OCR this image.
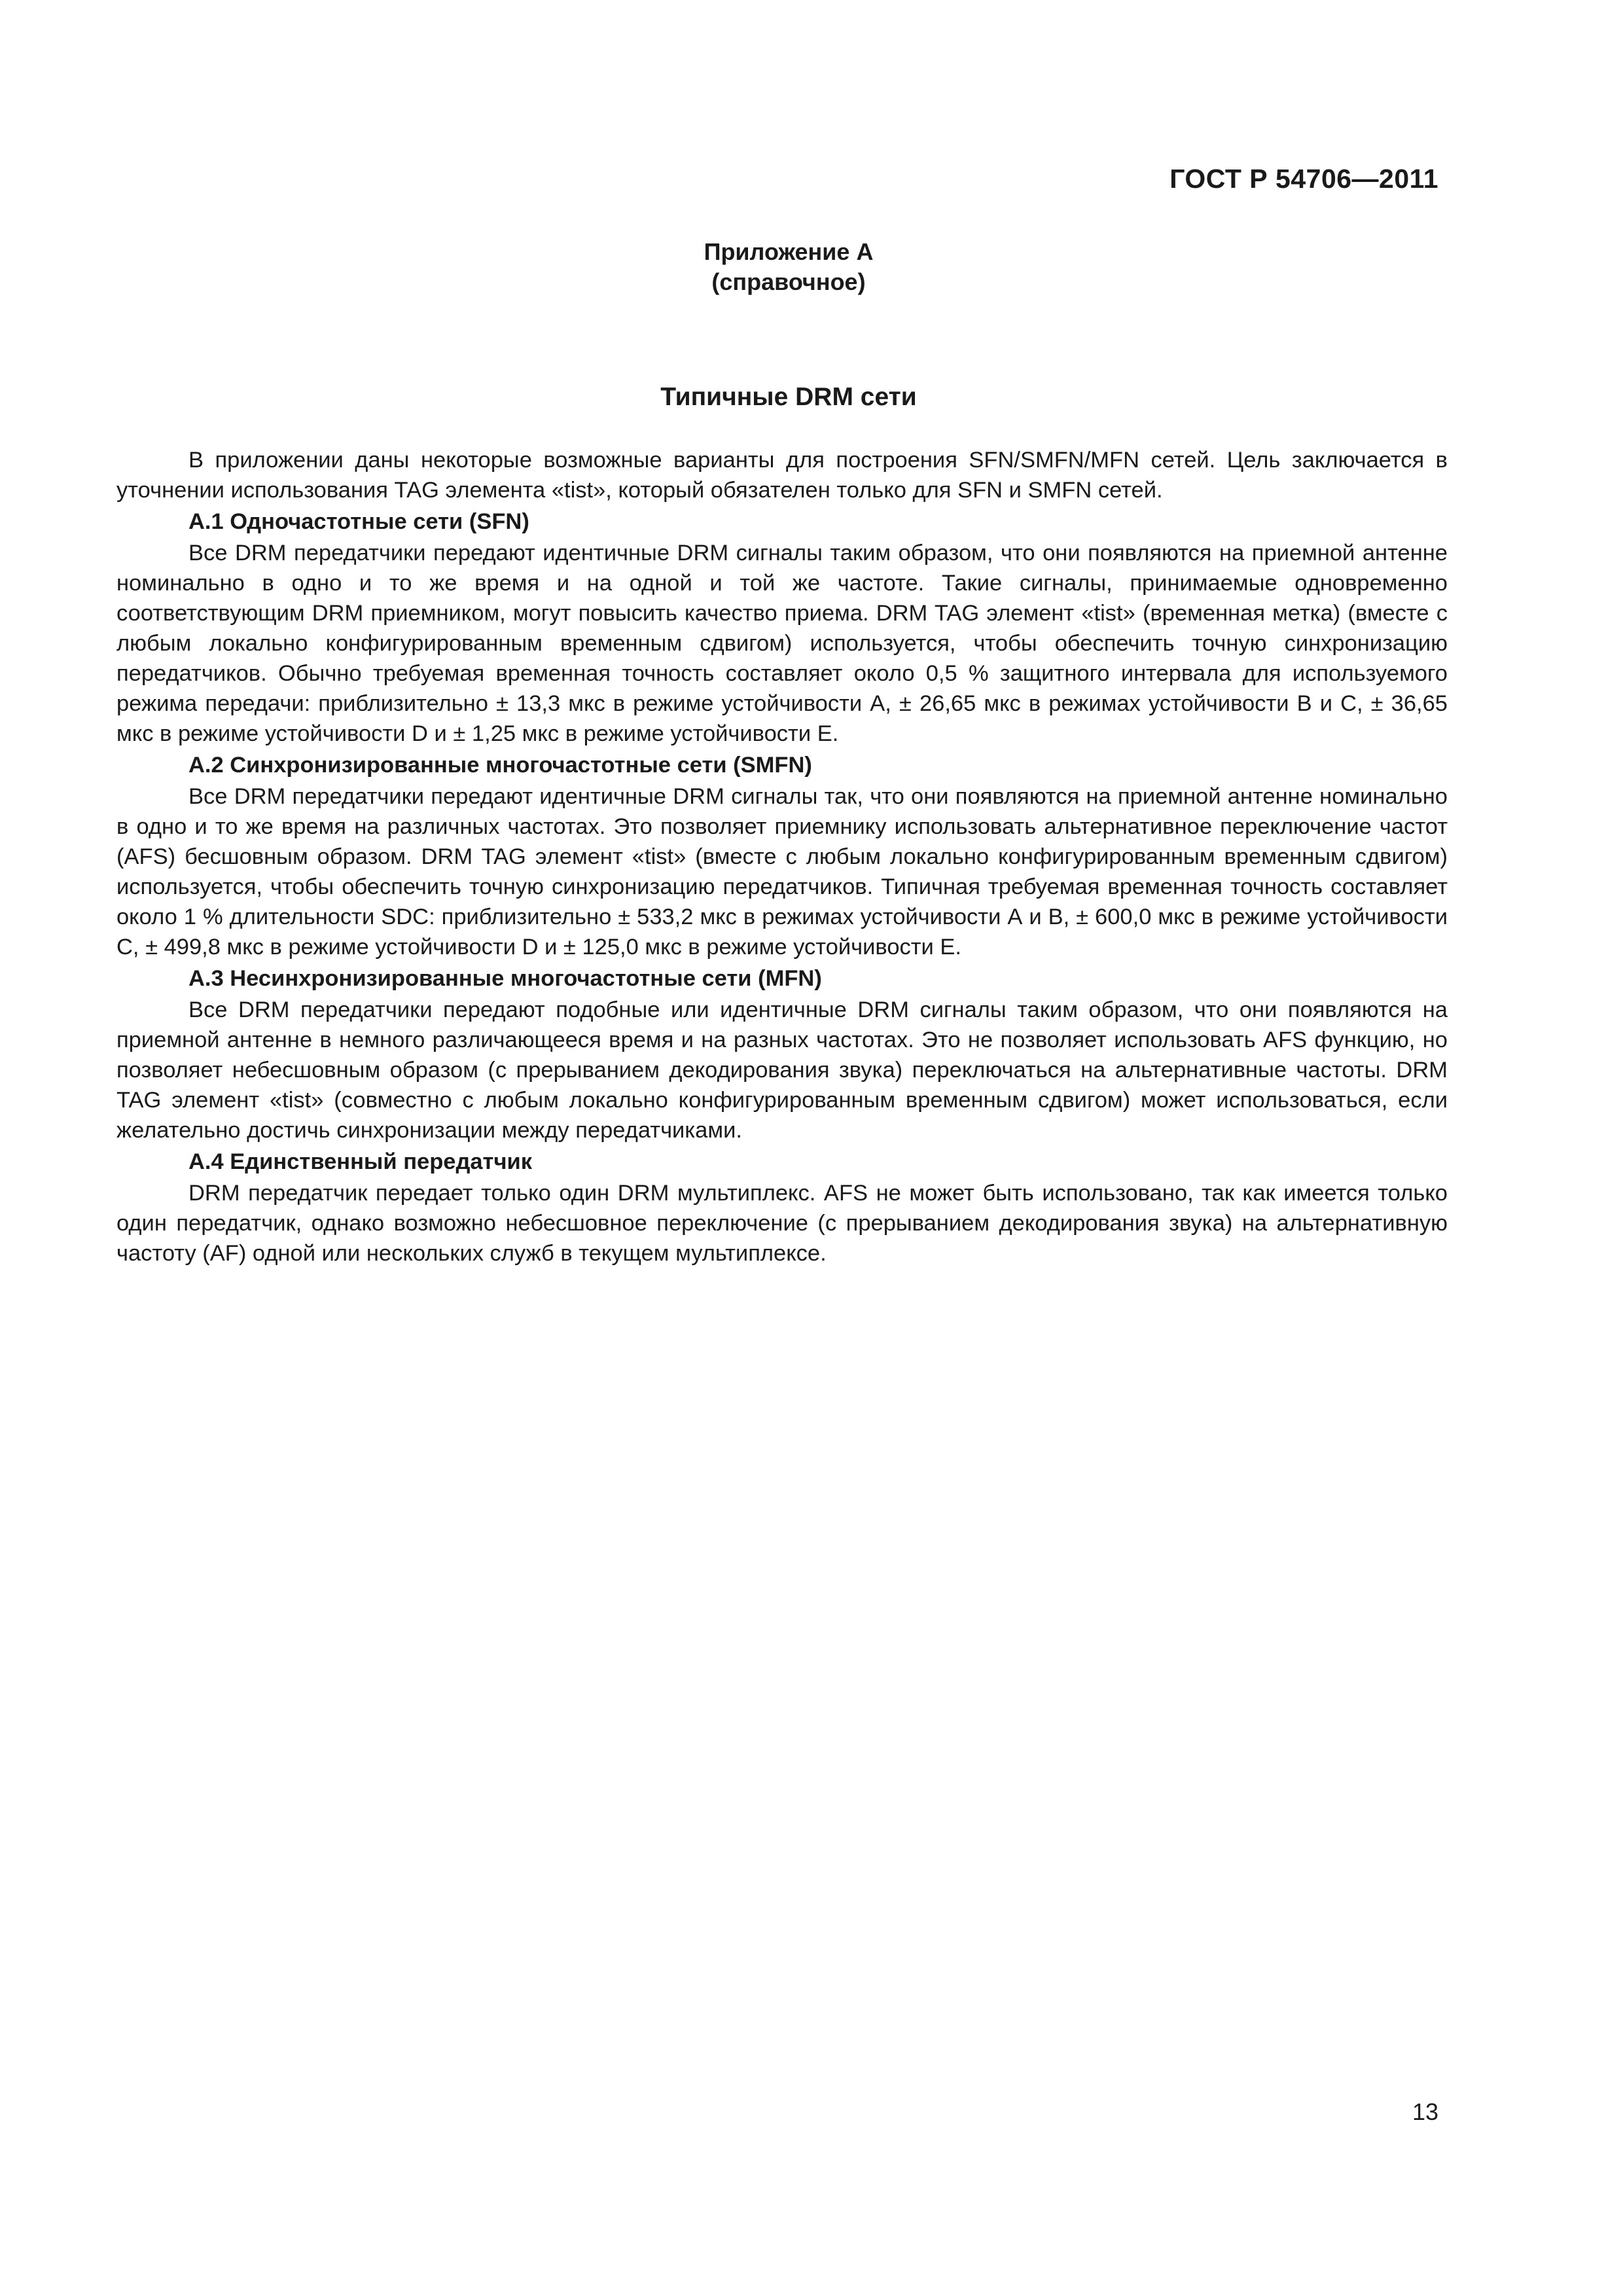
ГОСТ Р 54706—2011
Приложение А
(справочное)
Типичные DRM сети

В приложении даны некоторые возможные варианты для построения SFN/SMFN/MFN сетей. Цель заключается в уточнении использования TAG элемента «tist», который обязателен только для SFN и SMFN сетей.

А.1 Одночастотные сети (SFN)

Все DRM передатчики передают идентичные DRM сигналы таким образом, что они появляются на приемной антенне номинально в одно и то же время и на одной и той же частоте. Такие сигналы, принимаемые одновременно соответствующим DRM приемником, могут повысить качество приема. DRM TAG элемент «tist» (временная метка) (вместе с любым локально конфигурированным временным сдвигом) используется, чтобы обеспечить точную синхронизацию передатчиков. Обычно требуемая временная точность составляет около 0,5 % защитного интервала для используемого режима передачи: приблизительно ± 13,3 мкс в режиме устойчивости А, ± 26,65 мкс в режимах устойчивости В и С, ± 36,65 мкс в режиме устойчивости D и ± 1,25 мкс в режиме устойчивости Е.

А.2 Синхронизированные многочастотные сети (SMFN)

Все DRM передатчики передают идентичные DRM сигналы так, что они появляются на приемной антенне номинально в одно и то же время на различных частотах. Это позволяет приемнику использовать альтернативное переключение частот (AFS) бесшовным образом. DRM TAG элемент «tist» (вместе с любым локально конфигурированным временным сдвигом) используется, чтобы обеспечить точную синхронизацию передатчиков. Типичная требуемая временная точность составляет около 1 % длительности SDC: приблизительно ± 533,2 мкс в режимах устойчивости А и В, ± 600,0 мкс в режиме устойчивости С, ± 499,8 мкс в режиме устойчивости D и ± 125,0 мкс в режиме устойчивости Е.

А.3 Несинхронизированные многочастотные сети (MFN)

Все DRM передатчики передают подобные или идентичные DRM сигналы таким образом, что они появляются на приемной антенне в немного различающееся время и на разных частотах. Это не позволяет использовать AFS функцию, но позволяет небесшовным образом (с прерыванием декодирования звука) переключаться на альтернативные частоты. DRM TAG элемент «tist» (совместно с любым локально конфигурированным временным сдвигом) может использоваться, если желательно достичь синхронизации между передатчиками.

А.4 Единственный передатчик

DRM передатчик передает только один DRM мультиплекс. AFS не может быть использовано, так как имеется только один передатчик, однако возможно небесшовное переключение (с прерыванием декодирования звука) на альтернативную частоту (AF) одной или нескольких служб в текущем мультиплексе.

13
